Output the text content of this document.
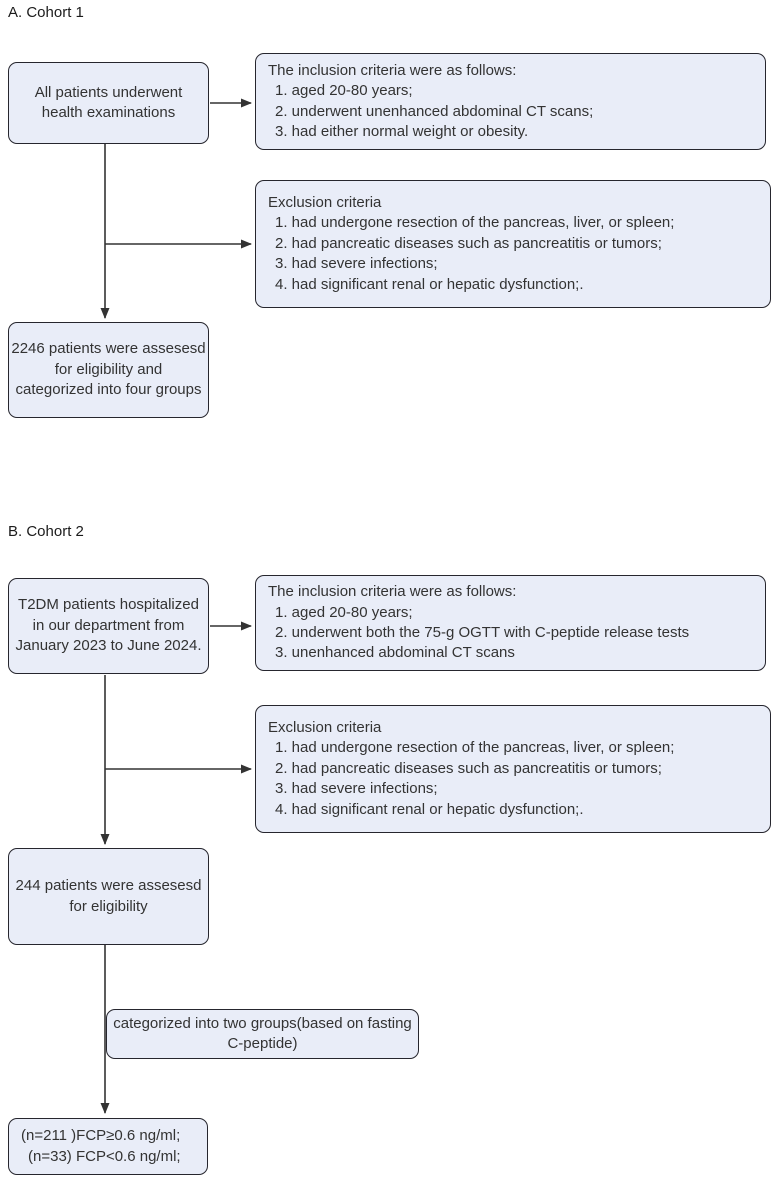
A. Cohort 1
All patients underwent
health examinations
The inclusion criteria were as follows:
1. aged 20-80 years;
2. underwent unenhanced abdominal CT scans;
3. had either normal weight or obesity.
Exclusion criteria
1. had undergone resection of the pancreas, liver, or spleen;
2. had pancreatic diseases such as pancreatitis or tumors;
3. had severe infections;
4. had significant renal or hepatic dysfunction;.
2246 patients were assesesd
for eligibility and
categorized into four groups
B. Cohort 2
T2DM patients hospitalized
in our department from
January 2023 to June 2024.
The inclusion criteria were as follows:
1. aged 20-80 years;
2. underwent both the 75-g OGTT with C-peptide release tests
3. unenhanced abdominal CT scans
Exclusion criteria
1. had undergone resection of the pancreas, liver, or spleen;
2. had pancreatic diseases such as pancreatitis or tumors;
3. had severe infections;
4. had significant renal or hepatic dysfunction;.
244 patients were assesesd
for eligibility
categorized into two groups(based on fasting
C-peptide)
(n=211 )FCP≥0.6 ng/ml;
(n=33) FCP<0.6 ng/ml;
